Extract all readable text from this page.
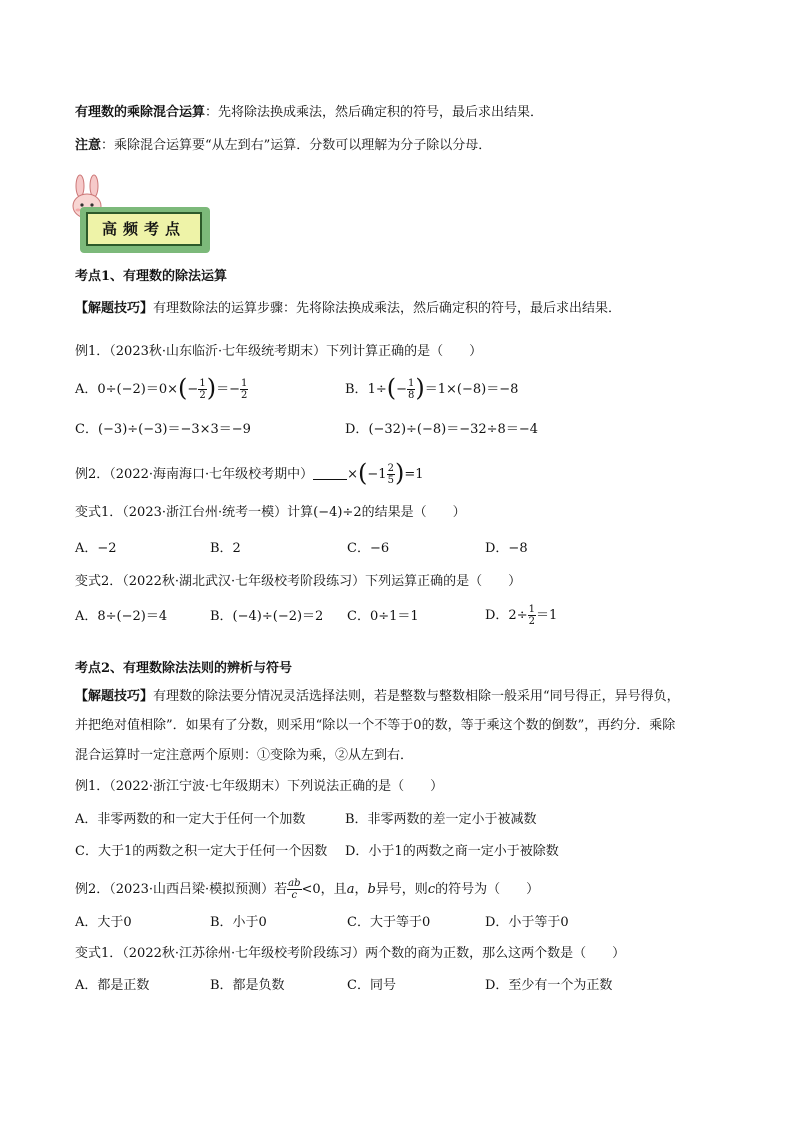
有理数的乘除混合运算：先将除法换成乘法，然后确定积的符号，最后求出结果．
注意：乘除混合运算要“从左到右”运算．分数可以理解为分子除以分母．
高频考点
考点1、有理数的除法运算
【解题技巧】有理数除法的运算步骤：先将除法换成乘法，然后确定积的符号，最后求出结果．
例1．（2023秋·山东临沂·七年级统考期末）下列计算正确的是（　　）
A．$0\div(-2)=0\times(- \frac{1}{2}$ )＝− $\frac{1}{2}$	B．$1\div(- \frac{1}{8} )=1\times(-8)=-8$
C．(−3)÷(−3)＝−3×3＝−9	D．(−32)÷(−8)＝−32÷8＝−4
例2．（2022·海南海口·七年级校考期中）	$\times(-1 \frac{2}{5} )=1$
变式1．（2023·浙江台州·统考一模）计算(−4)÷2的结果是（　　）
A．−2	B．2	C．−6	D．−8
变式2．（2022秋·湖北武汉·七年级校考阶段练习）下列运算正确的是（　　）
A．8÷(−2)＝4	B．(−4)÷(−2)＝2 C．0÷1＝1	D．$2\div \frac{1}{2} =1$
考点2、有理数除法法则的辨析与符号
【解题技巧】有理数的除法要分情况灵活选择法则，若是整数与整数相除一般采用“同号得正，异号得负，
并把绝对值相除”．如果有了分数，则采用“除以一个不等于0的数，等于乘这个数的倒数”，再约分．乘除
混合运算时一定注意两个原则：①变除为乘，②从左到右．
例1．（2022·浙江宁波·七年级期末）下列说法正确的是（　　）
A．非零两数的和一定大于任何一个加数	B．非零两数的差一定小于被减数
C．大于1的两数之积一定大于任何一个因数 D．小于1的两数之商一定小于被除数
例2．（2023·山西吕梁·模拟预测）若 $\frac{ab}{c} <0$，且a，b异号，则c的符号为（　　）
A．大于0	B．小于0	C．大于等于0	D．小于等于0
变式1．（2022秋·江苏徐州·七年级校考阶段练习）两个数的商为正数，那么这两个数是（　　）
A．都是正数	B．都是负数	C．同号	D．至少有一个为正数
